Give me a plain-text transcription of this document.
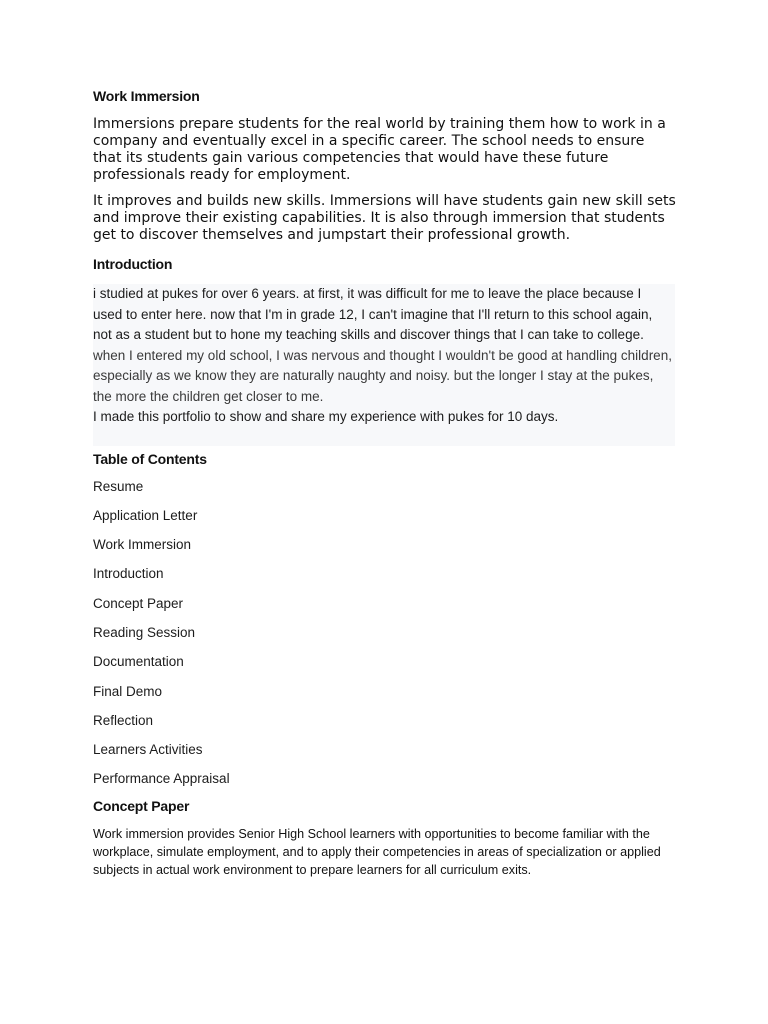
Work Immersion

Immersions prepare students for the real world by training them how to work in a company and eventually excel in a specific career. The school needs to ensure that its students gain various competencies that would have these future professionals ready for employment.

It improves and builds new skills. Immersions will have students gain new skill sets and improve their existing capabilities. It is also through immersion that students get to discover themselves and jumpstart their professional growth.

Introduction

i studied at pukes for over 6 years. at first, it was difficult for me to leave the place because I used to enter here. now that I'm in grade 12, I can't imagine that I'll return to this school again, not as a student but to hone my teaching skills and discover things that I can take to college.when I entered my old school, I was nervous and thought I wouldn't be good at handling children, especially as we know they are naturally naughty and noisy. but the longer I stay at the pukes, the more the children get closer to me.

I made this portfolio to show and share my experience with pukes for 10 days.

Table of Contents
Resume
Application Letter
Work Immersion
Introduction
Concept Paper
Reading Session
Documentation
Final Demo
Reflection
Learners Activities
Performance Appraisal
Concept Paper

Work immersion provides Senior High School learners with opportunities to become familiar with the workplace, simulate employment, and to apply their competencies in areas of specialization or applied subjects in actual work environment to prepare learners for all curriculum exits.
